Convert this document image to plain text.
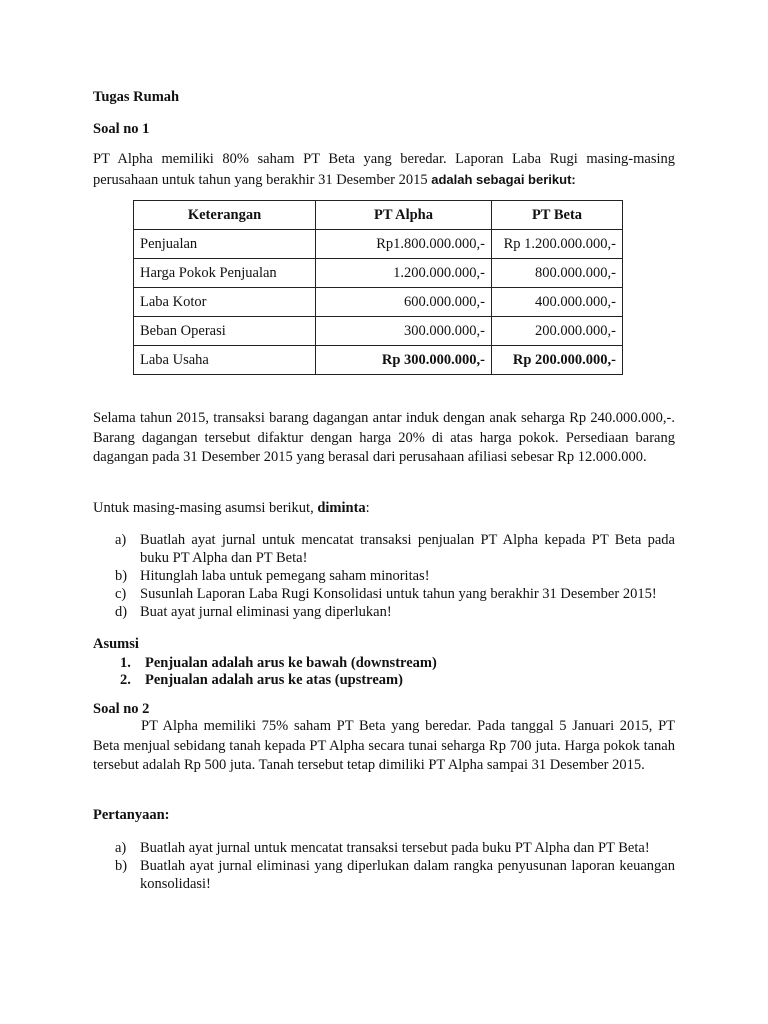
Tugas Rumah
Soal no 1
PT Alpha memiliki 80% saham PT Beta yang beredar. Laporan Laba Rugi masing-masing perusahaan untuk tahun yang berakhir 31 Desember 2015 adalah sebagai berikut:
Keterangan	PT Alpha	PT Beta
Penjualan	Rp1.800.000.000,-	Rp 1.200.000.000,-
Harga Pokok Penjualan	1.200.000.000,-	800.000.000,-
Laba Kotor	600.000.000,-	400.000.000,-
Beban Operasi	300.000.000,-	200.000.000,-
Laba Usaha	Rp 300.000.000,-	Rp 200.000.000,-
Selama tahun 2015, transaksi barang dagangan antar induk dengan anak seharga Rp 240.000.000,-. Barang dagangan tersebut difaktur dengan harga 20% di atas harga pokok. Persediaan barang dagangan pada 31 Desember 2015 yang berasal dari perusahaan afiliasi sebesar Rp 12.000.000.
Untuk masing-masing asumsi berikut, diminta:
a) Buatlah ayat jurnal untuk mencatat transaksi penjualan PT Alpha kepada PT Beta pada buku PT Alpha dan PT Beta!
b) Hitunglah laba untuk pemegang saham minoritas!
c) Susunlah Laporan Laba Rugi Konsolidasi untuk tahun yang berakhir 31 Desember 2015!
d) Buat ayat jurnal eliminasi yang diperlukan!
Asumsi
1. Penjualan adalah arus ke bawah (downstream)
2. Penjualan adalah arus ke atas (upstream)
Soal no 2
PT Alpha memiliki 75% saham PT Beta yang beredar. Pada tanggal 5 Januari 2015, PT Beta menjual sebidang tanah kepada PT Alpha secara tunai seharga Rp 700 juta. Harga pokok tanah tersebut adalah Rp 500 juta. Tanah tersebut tetap dimiliki PT Alpha sampai 31 Desember 2015.
Pertanyaan:
a) Buatlah ayat jurnal untuk mencatat transaksi tersebut pada buku PT Alpha dan PT Beta!
b) Buatlah ayat jurnal eliminasi yang diperlukan dalam rangka penyusunan laporan keuangan konsolidasi!
